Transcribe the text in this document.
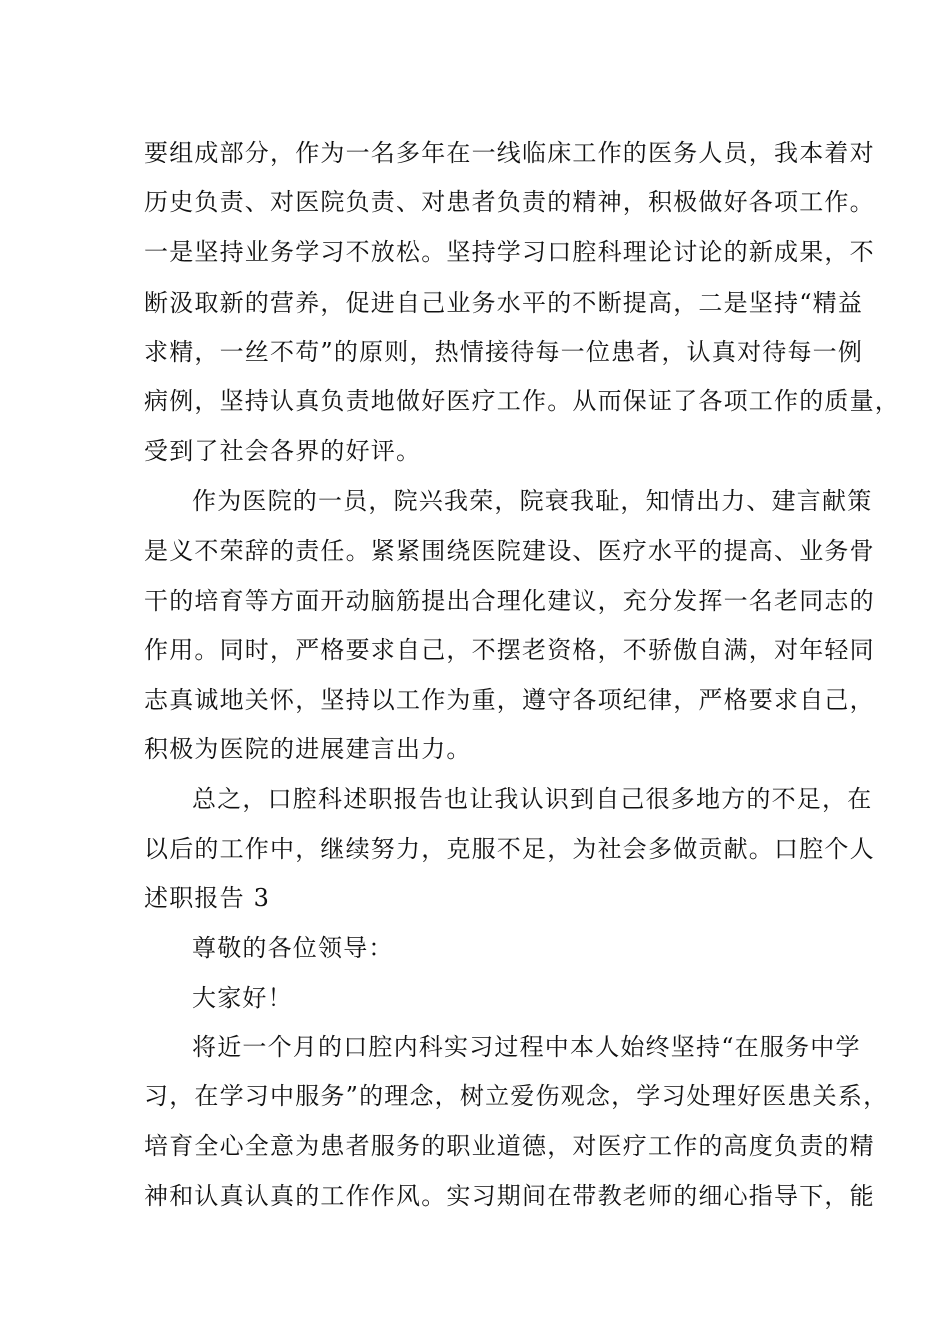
要组成部分，作为一名多年在一线临床工作的医务人员，我本着对
历史负责、对医院负责、对患者负责的精神，积极做好各项工作。
一是坚持业务学习不放松。坚持学习口腔科理论讨论的新成果，不
断汲取新的营养，促进自己业务水平的不断提高，二是坚持“精益
求精，一丝不苟”的原则，热情接待每一位患者，认真对待每一例
病例，坚持认真负责地做好医疗工作。从而保证了各项工作的质量，
受到了社会各界的好评。
作为医院的一员，院兴我荣，院衰我耻，知情出力、建言献策
是义不荣辞的责任。紧紧围绕医院建设、医疗水平的提高、业务骨
干的培育等方面开动脑筋提出合理化建议，充分发挥一名老同志的
作用。同时，严格要求自己，不摆老资格，不骄傲自满，对年轻同
志真诚地关怀，坚持以工作为重，遵守各项纪律，严格要求自己，
积极为医院的进展建言出力。
总之，口腔科述职报告也让我认识到自己很多地方的不足，在
以后的工作中，继续努力，克服不足，为社会多做贡献。口腔个人
述职报告 3
尊敬的各位领导：
大家好！
将近一个月的口腔内科实习过程中本人始终坚持“在服务中学
习，在学习中服务”的理念，树立爱伤观念，学习处理好医患关系，
培育全心全意为患者服务的职业道德，对医疗工作的高度负责的精
神和认真认真的工作作风。实习期间在带教老师的细心指导下，能
